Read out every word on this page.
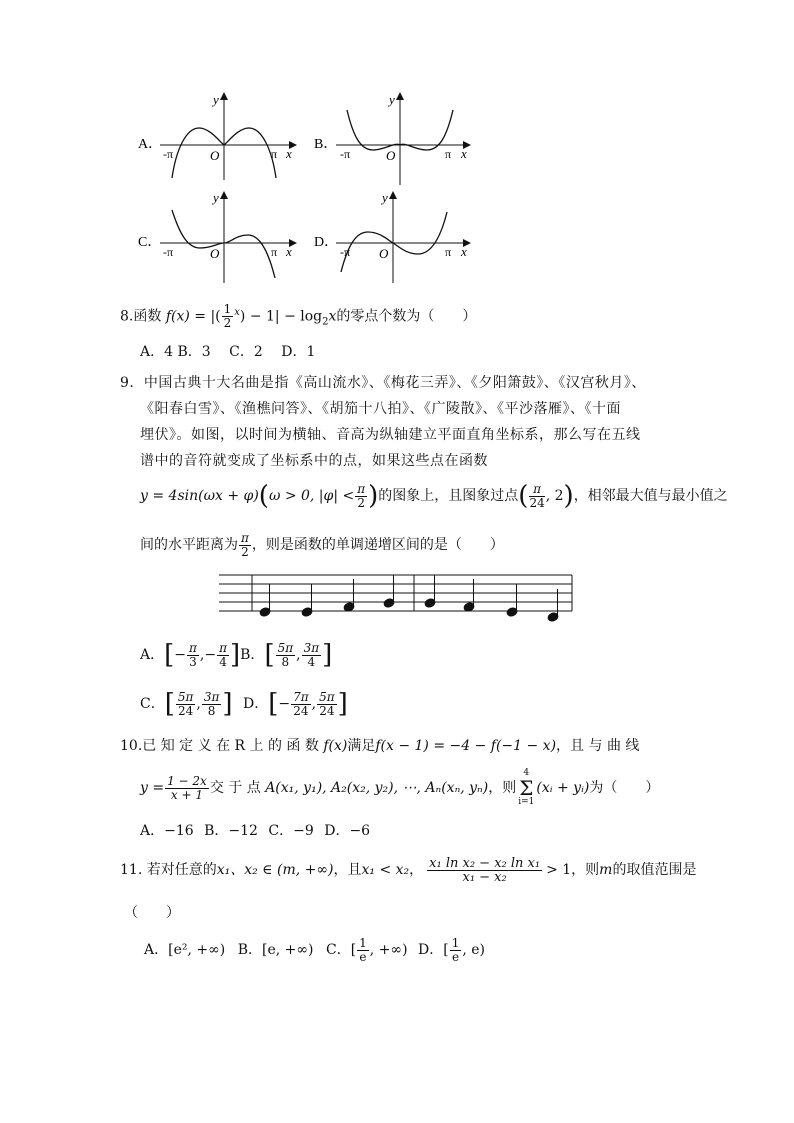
A．
y
x
O
-π	π
B．
y
x
O
-π	π
C．
y
x
O
-π	π
D．
y
x
O
-π	π
8.函数 f(x) = |( $\frac{1}{2} ^x) - 1| - \log_2x$的零点个数为（　　）
A．4 B．3 C．2 D．1
9．中国古典十大名曲是指《高山流水》、《梅花三弄》、《夕阳箫鼓》、《汉宫秋月》、
《阳春白雪》、《渔樵问答》、《胡笳十八拍》、《广陵散》、《平沙落雁》、《十面
埋伏》。如图，以时间为横轴、音高为纵轴建立平面直角坐标系，那么写在五线
谱中的音符就变成了坐标系中的点，如果这些点在函数
y = 4sin(ωx + φ)(ω > 0, $|\varphi| < \frac{\pi}{2}$ )的图象上，且图象过点( $\frac{\pi}{24}$ , 2)，相邻最大值与最小值之
间的水平距离为 $\frac{\pi}{2}$ ，则是函数的单调递增区间的是（　　）
A．[− $\frac{\pi}{3}$ ,− $\frac{\pi}{4} ]B$．[ $\frac{5\pi}{8}$ , $\frac{3\pi}{4}$ ]
C．[ $\frac{5\pi}{24}$ , $\frac{3\pi}{8}$ ] D．[− $\frac{7\pi}{24}$ , $\frac{5\pi}{24}$ ]
10.已 知 定 义 在 R 上 的 函 数 f(x)满足f(x − 1) = −4 − f(−1 − x)，且 与 曲 线
$y = \frac{1 - 2x}{x + 1}$ 交 于 点 A(x₁, y₁), A₂(x₂, y₂), ⋯, Aₙ(xₙ, yₙ)，则
4
Σ
i=1
(xᵢ + yᵢ)为（　　）
A．−16 B．−12 C．−9 D．−6
11. 若对任意的x₁、x₂ ∈ (m, +∞)，且x₁ < x₂， $\frac{\text{x₁ ln x₂ − x₂ ln x₁}}{\text{x₁ − x₂}} > 1$，则m的取值范围是
（　　）
A．[e², +∞) B．[e, +∞) C．[ $\frac{1}{e}$ , +∞) D．[ $\frac{1}{e}$ , e)
